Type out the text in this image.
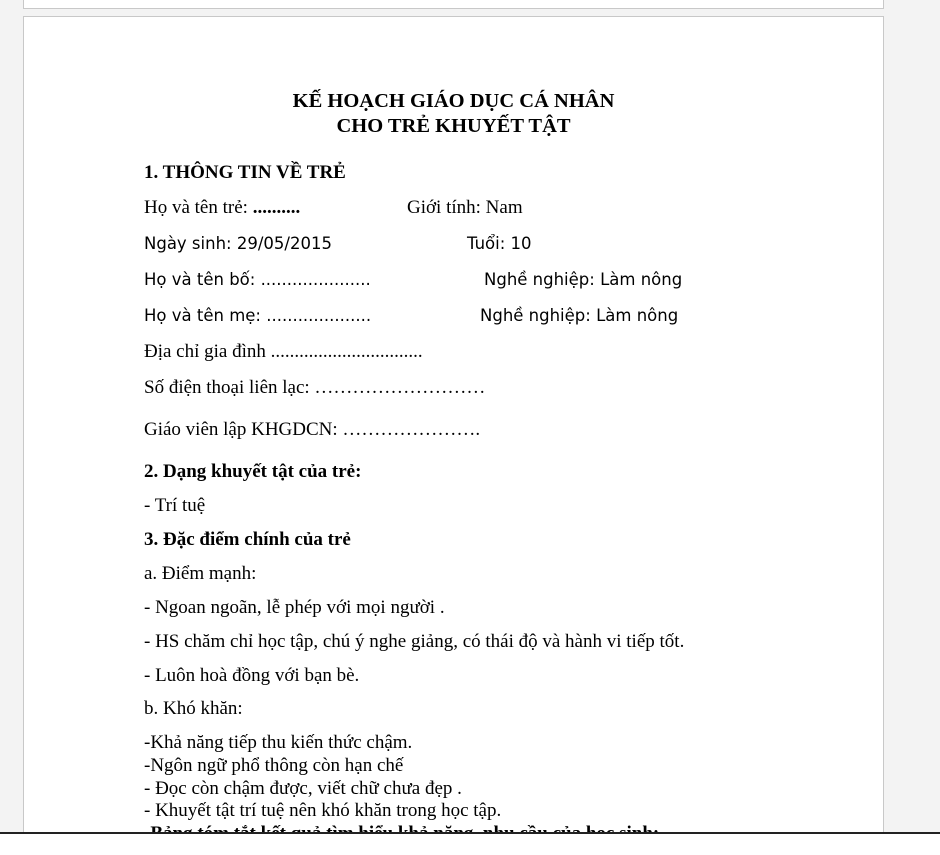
KẾ HOẠCH GIÁO DỤC CÁ NHÂN
CHO TRẺ KHUYẾT TẬT
1. THÔNG TIN VỀ TRẺ
Họ và tên trẻ: ..........	Giới tính: Nam
Ngày sinh: 29/05/2015	Tuổi: 10
Họ và tên bố: .....................	Nghề nghiệp: Làm nông
Họ và tên mẹ: ....................	Nghề nghiệp: Làm nông
Địa chỉ gia đình ................................
Số điện thoại liên lạc: ………………………
Giáo viên lập KHGDCN: ………………….
2. Dạng khuyết tật của trẻ:
- Trí tuệ
3. Đặc điểm chính của trẻ
a. Điểm mạnh:
- Ngoan ngoãn, lễ phép với mọi người .
- HS chăm chỉ học tập, chú ý nghe giảng, có thái độ và hành vi tiếp tốt.
- Luôn hoà đồng với bạn bè.
b. Khó khăn:
-Khả năng tiếp thu kiến thức chậm.
-Ngôn ngữ phổ thông còn hạn chế
- Đọc còn chậm được, viết chữ chưa đẹp .
- Khuyết tật trí tuệ nên khó khăn trong học tập.
